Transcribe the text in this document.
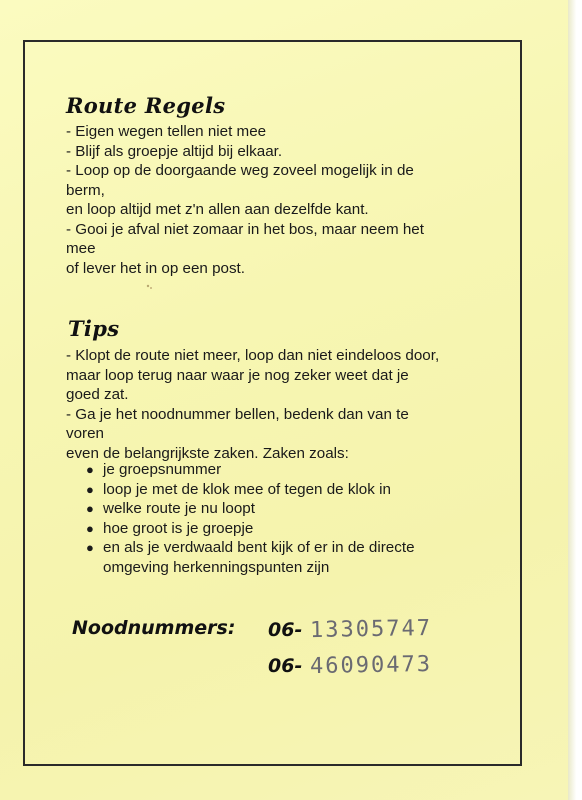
Route Regels
- Eigen wegen tellen niet mee
- Blijf als groepje altijd bij elkaar.
- Loop op de doorgaande weg zoveel mogelijk in de
berm,
en loop altijd met z'n allen aan dezelfde kant.
- Gooi je afval niet zomaar in het bos, maar neem het
mee
of lever het in op een post.
Tips
- Klopt de route niet meer, loop dan niet eindeloos door,
maar loop terug naar waar je nog zeker weet dat je
goed zat.
- Ga je het noodnummer bellen, bedenk dan van te
voren
even de belangrijkste zaken. Zaken zoals:
● je groepsnummer
● loop je met de klok mee of tegen de klok in
● welke route je nu loopt
● hoe groot is je groepje
● en als je verdwaald bent kijk of er in de directe
omgeving herkenningspunten zijn
Noodnummers: 06- 13305747
06- 46090473
